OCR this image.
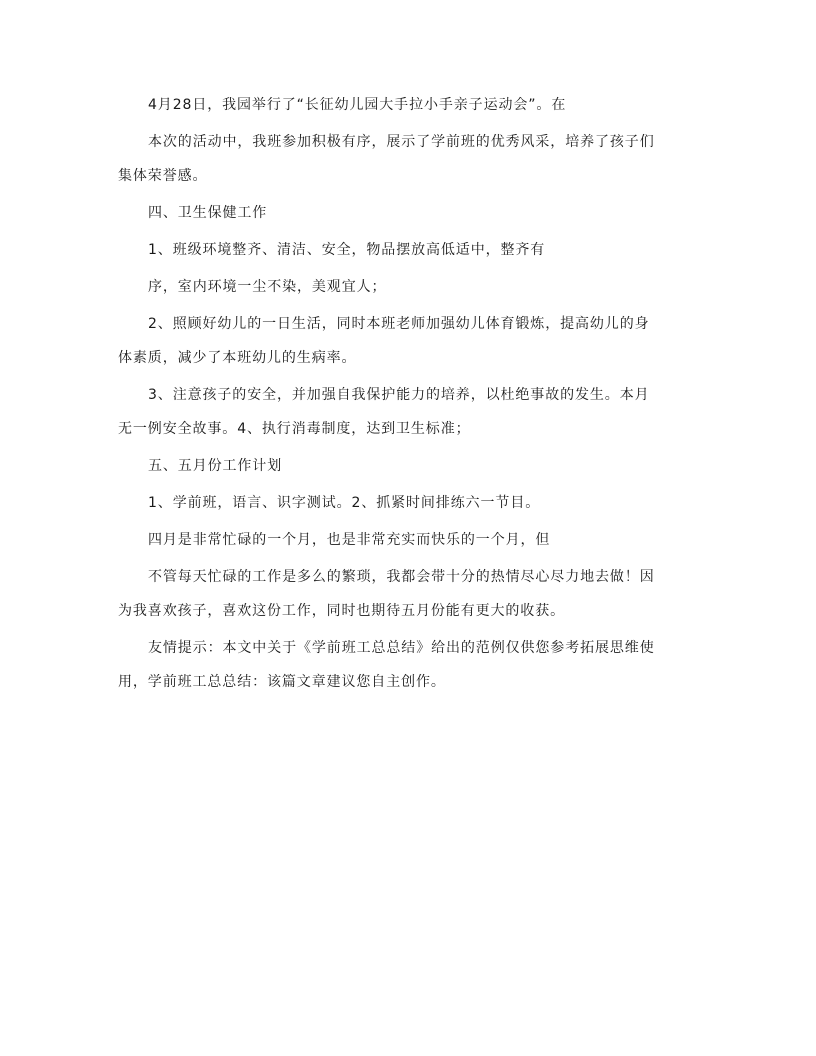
4月28日，我园举行了“长征幼儿园大手拉小手亲子运动会”。在

本次的活动中，我班参加积极有序，展示了学前班的优秀风采，培养了孩子们

集体荣誉感。

四、卫生保健工作

1、班级环境整齐、清洁、安全，物品摆放高低适中，整齐有

序，室内环境一尘不染，美观宜人；

2、照顾好幼儿的一日生活，同时本班老师加强幼儿体育锻炼，提高幼儿的身

体素质，减少了本班幼儿的生病率。

3、注意孩子的安全，并加强自我保护能力的培养，以杜绝事故的发生。本月

无一例安全故事。4、执行消毒制度，达到卫生标准；

五、五月份工作计划

1、学前班，语言、识字测试。2、抓紧时间排练六一节目。

四月是非常忙碌的一个月，也是非常充实而快乐的一个月，但

不管每天忙碌的工作是多么的繁琐，我都会带十分的热情尽心尽力地去做！因

为我喜欢孩子，喜欢这份工作，同时也期待五月份能有更大的收获。

友情提示：本文中关于《学前班工总总结》给出的范例仅供您参考拓展思维使

用，学前班工总总结：该篇文章建议您自主创作。
